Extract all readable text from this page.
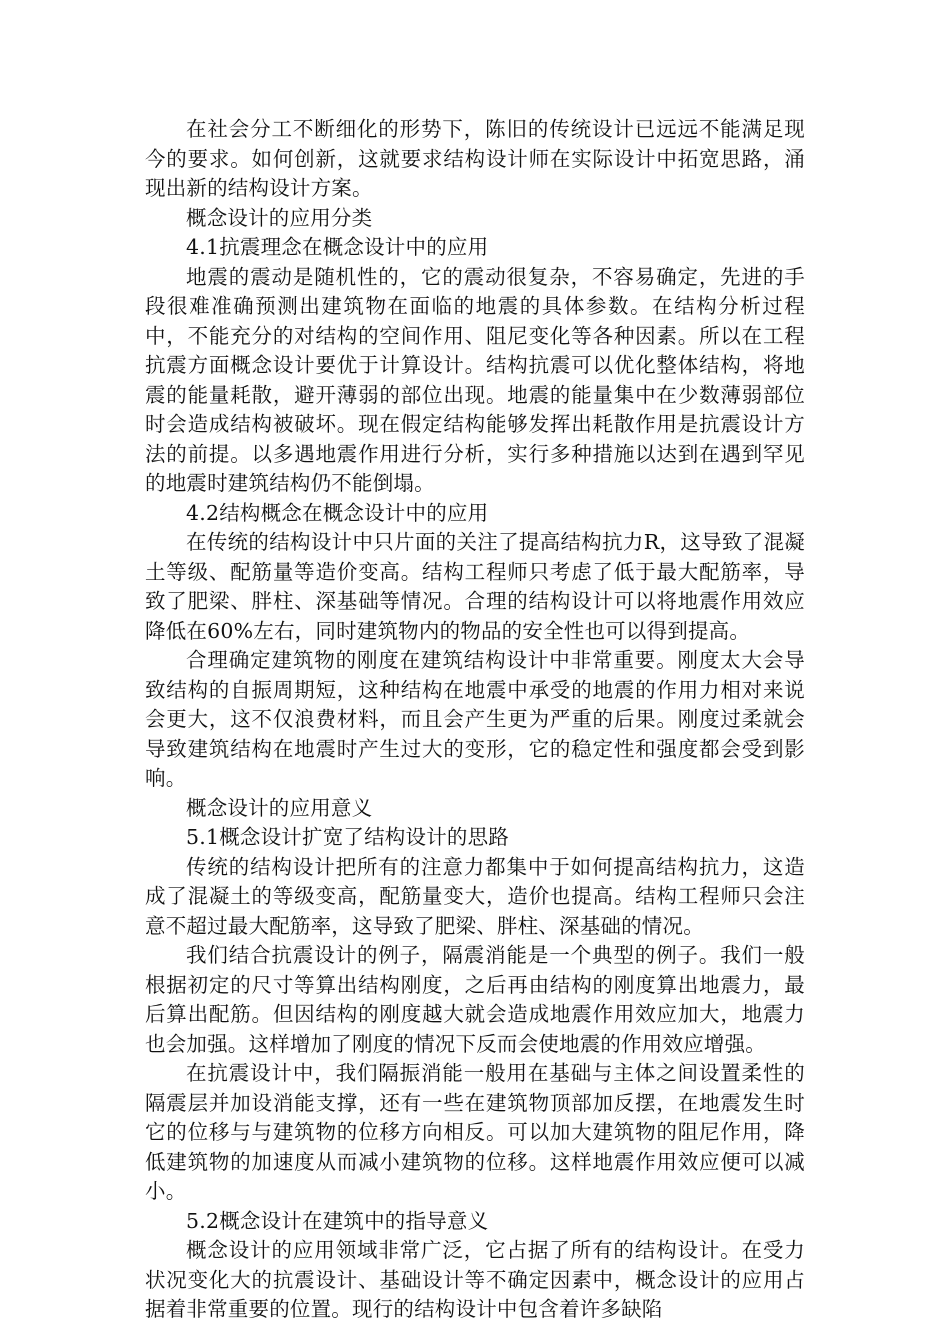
在社会分工不断细化的形势下，陈旧的传统设计已远远不能满足现今的要求。如何创新，这就要求结构设计师在实际设计中拓宽思路，涌现出新的结构设计方案。

概念设计的应用分类

4.1抗震理念在概念设计中的应用

地震的震动是随机性的，它的震动很复杂，不容易确定，先进的手段很难准确预测出建筑物在面临的地震的具体参数。在结构分析过程中，不能充分的对结构的空间作用、阻尼变化等各种因素。所以在工程抗震方面概念设计要优于计算设计。结构抗震可以优化整体结构，将地震的能量耗散，避开薄弱的部位出现。地震的能量集中在少数薄弱部位时会造成结构被破坏。现在假定结构能够发挥出耗散作用是抗震设计方法的前提。以多遇地震作用进行分析，实行多种措施以达到在遇到罕见的地震时建筑结构仍不能倒塌。

4.2结构概念在概念设计中的应用

在传统的结构设计中只片面的关注了提高结构抗力R，这导致了混凝土等级、配筋量等造价变高。结构工程师只考虑了低于最大配筋率，导致了肥梁、胖柱、深基础等情况。合理的结构设计可以将地震作用效应降低在60%左右，同时建筑物内的物品的安全性也可以得到提高。

合理确定建筑物的刚度在建筑结构设计中非常重要。刚度太大会导致结构的自振周期短，这种结构在地震中承受的地震的作用力相对来说会更大，这不仅浪费材料，而且会产生更为严重的后果。刚度过柔就会导致建筑结构在地震时产生过大的变形，它的稳定性和强度都会受到影响。

概念设计的应用意义

5.1概念设计扩宽了结构设计的思路

传统的结构设计把所有的注意力都集中于如何提高结构抗力，这造成了混凝土的等级变高，配筋量变大，造价也提高。结构工程师只会注意不超过最大配筋率，这导致了肥梁、胖柱、深基础的情况。

我们结合抗震设计的例子，隔震消能是一个典型的例子。我们一般根据初定的尺寸等算出结构刚度，之后再由结构的刚度算出地震力，最后算出配筋。但因结构的刚度越大就会造成地震作用效应加大，地震力也会加强。这样增加了刚度的情况下反而会使地震的作用效应增强。

在抗震设计中，我们隔振消能一般用在基础与主体之间设置柔性的隔震层并加设消能支撑，还有一些在建筑物顶部加反摆，在地震发生时它的位移与与建筑物的位移方向相反。可以加大建筑物的阻尼作用，降低建筑物的加速度从而减小建筑物的位移。这样地震作用效应便可以减小。

5.2概念设计在建筑中的指导意义

概念设计的应用领域非常广泛，它占据了所有的结构设计。在受力状况变化大的抗震设计、基础设计等不确定因素中，概念设计的应用占据着非常重要的位置。现行的结构设计中包含着许多缺陷
